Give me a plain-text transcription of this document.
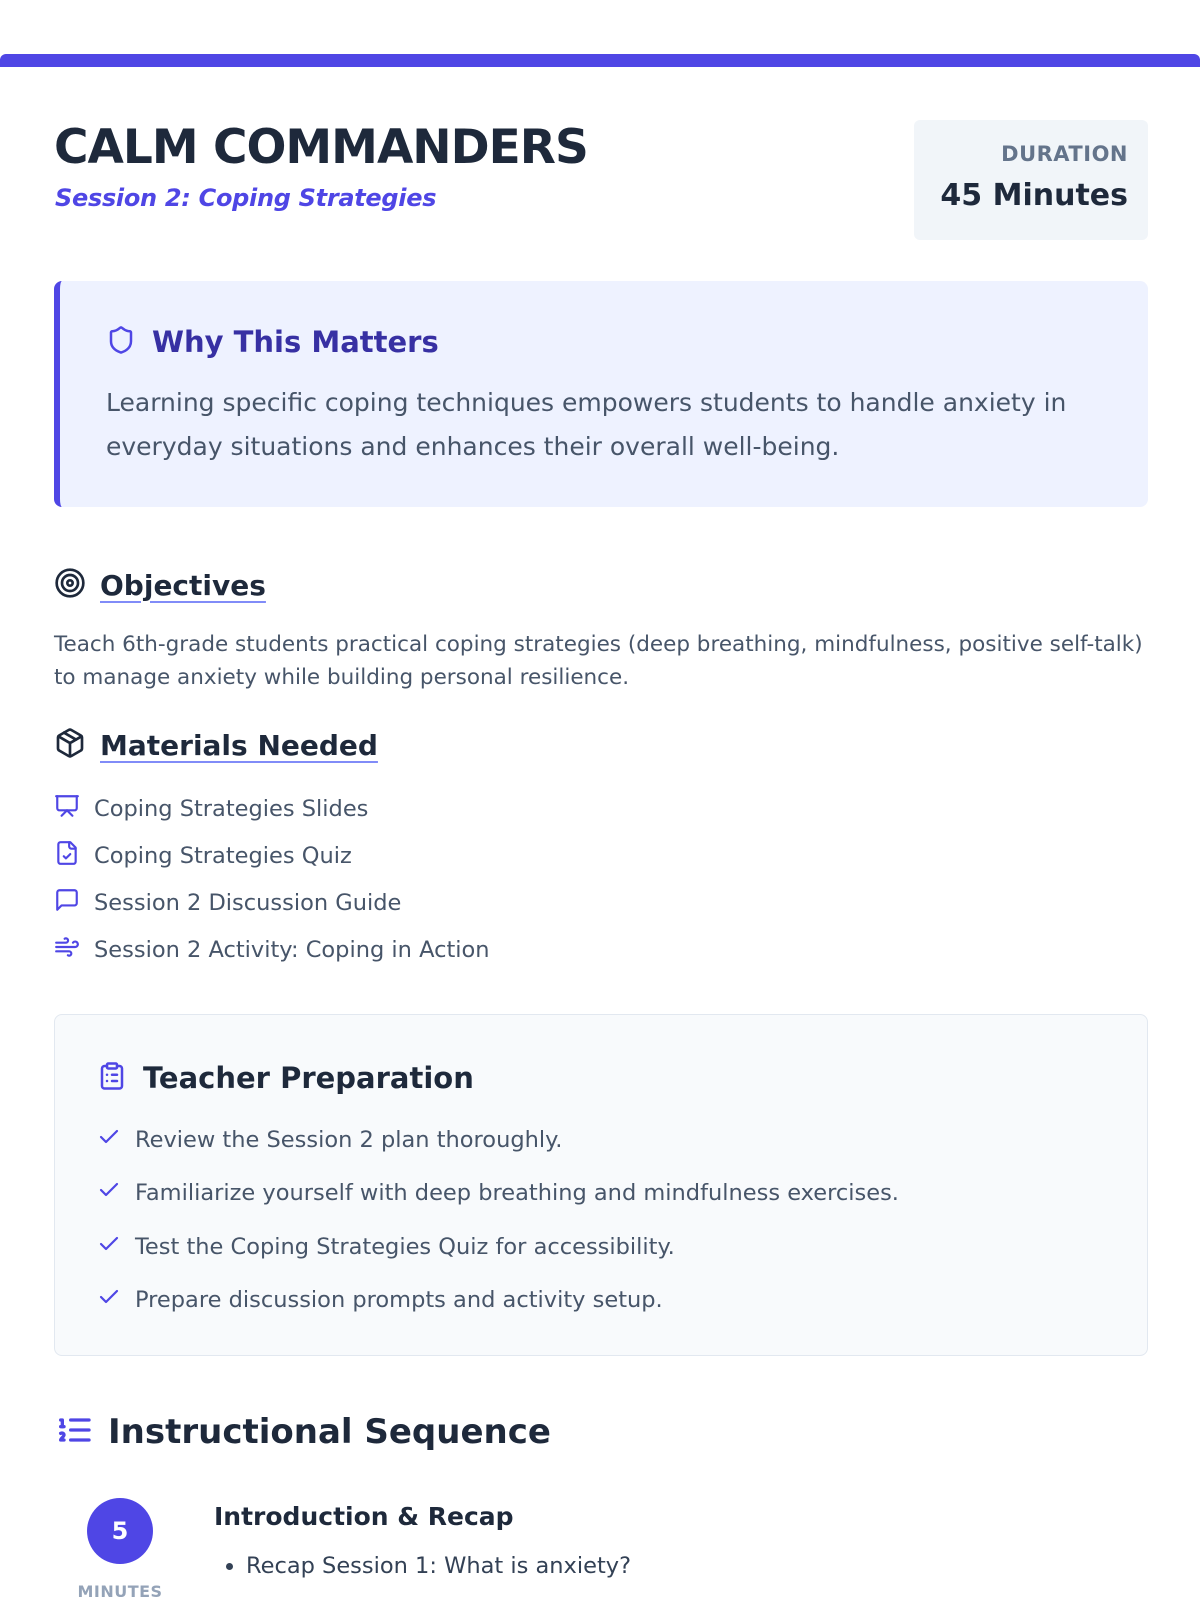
CALM COMMANDERS
Session 2: Coping Strategies
DURATION
45 Minutes
Why This Matters

Learning specific coping techniques empowers students to handle anxiety in everyday situations and enhances their overall well-being.

Objectives

Teach 6th-grade students practical coping strategies (deep breathing, mindfulness, positive self-talk) to manage anxiety while building personal resilience.

Materials Needed
Coping Strategies Slides
Coping Strategies Quiz
Session 2 Discussion Guide
Session 2 Activity: Coping in Action
Teacher Preparation
Review the Session 2 plan thoroughly.
Familiarize yourself with deep breathing and mindfulness exercises.
Test the Coping Strategies Quiz for accessibility.
Prepare discussion prompts and activity setup.
Instructional Sequence
5
MINUTES
Introduction & Recap
• Recap Session 1: What is anxiety?
